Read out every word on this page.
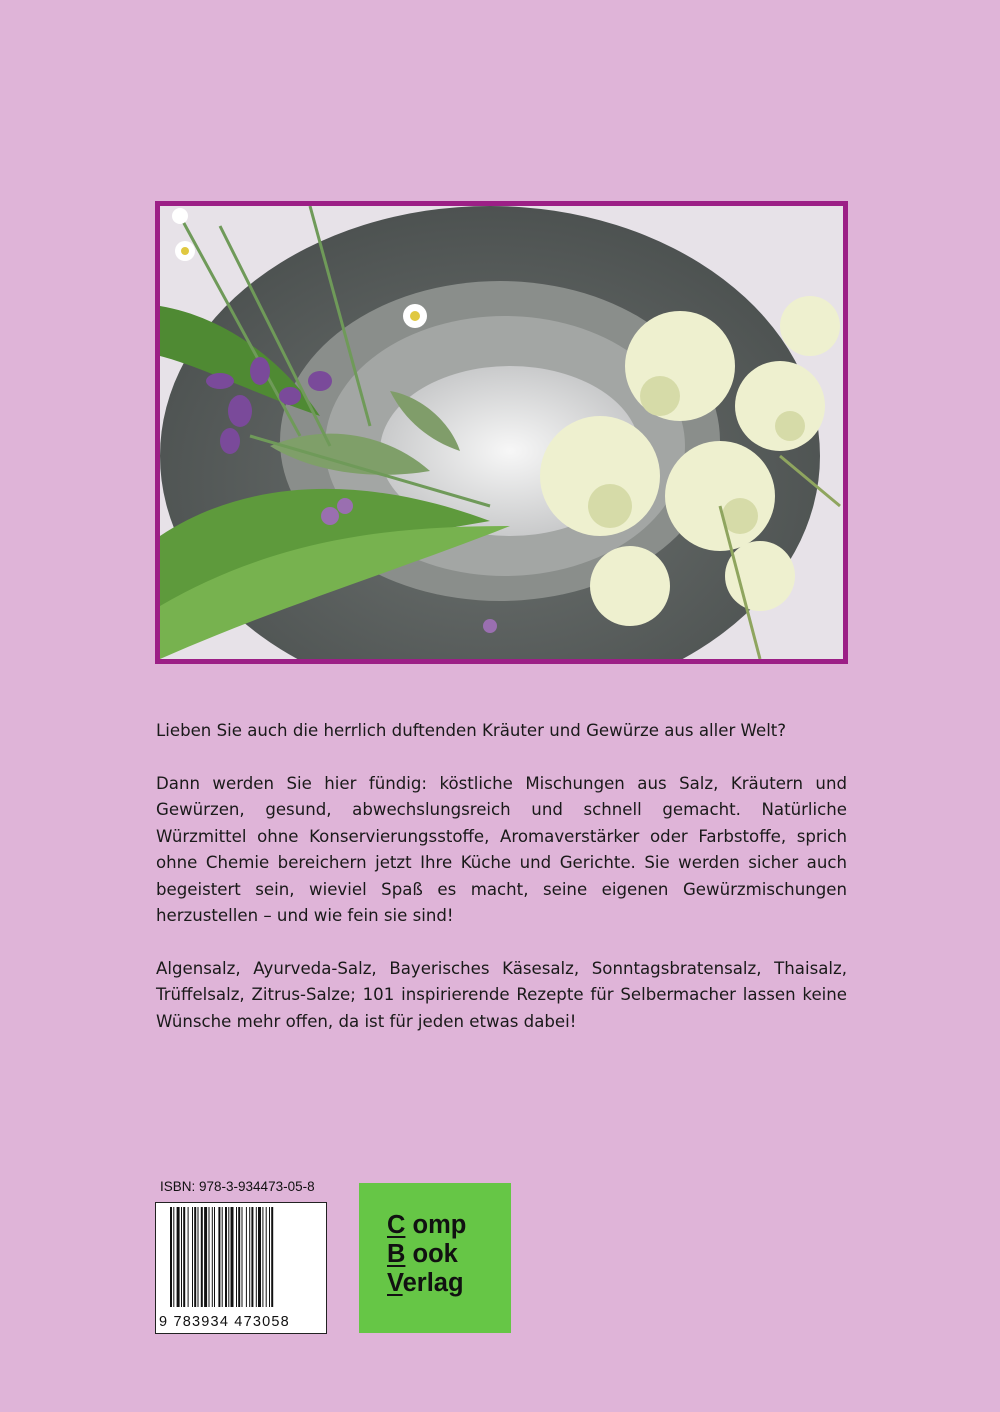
Lieben Sie auch die herrlich duftenden Kräuter und Gewürze aus aller Welt?

Dann werden Sie hier fündig: köstliche Mischungen aus Salz, Kräutern und Gewürzen, gesund, abwechslungsreich und schnell gemacht. Natürliche Würzmittel ohne Konservierungsstoffe, Aromaverstärker oder Farbstoffe, sprich ohne Chemie bereichern jetzt Ihre Küche und Gerichte. Sie werden sicher auch begeistert sein, wieviel Spaß es macht, seine eigenen Gewürzmischungen herzustellen – und wie fein sie sind!

Algensalz, Ayurveda-Salz, Bayerisches Käsesalz, Sonntagsbratensalz, Thaisalz, Trüffelsalz, Zitrus-Salze; 101 inspirierende Rezepte für Selbermacher lassen keine Wünsche mehr offen, da ist für jeden etwas dabei!

ISBN: 978-3-934473-05-8
9 783934 473058
C omp
B ook
Verlag
